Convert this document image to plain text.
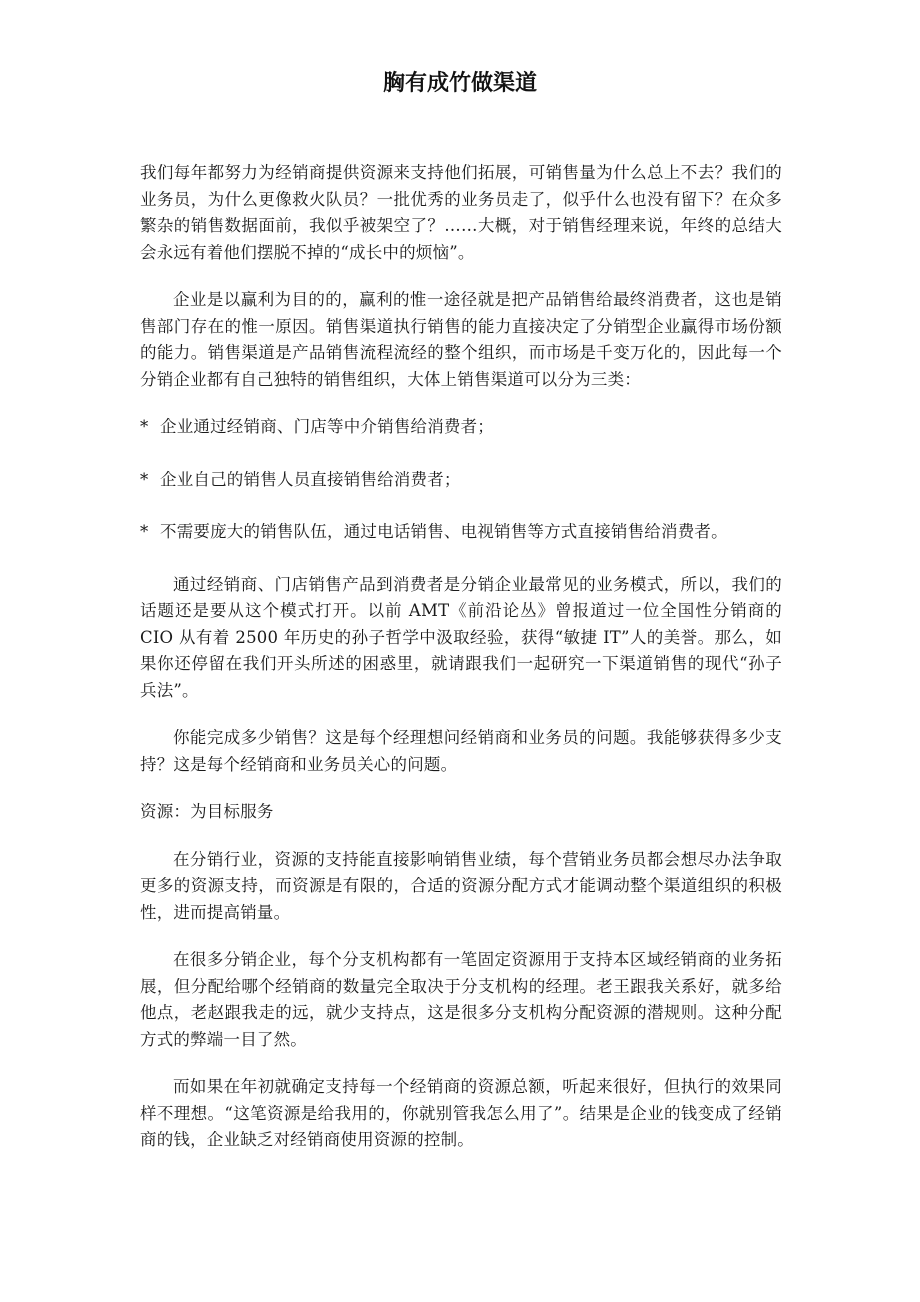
胸有成竹做渠道

我们每年都努力为经销商提供资源来支持他们拓展，可销售量为什么总上不去？我们的业务员，为什么更像救火队员？一批优秀的业务员走了，似乎什么也没有留下？在众多繁杂的销售数据面前，我似乎被架空了？……大概，对于销售经理来说，年终的总结大会永远有着他们摆脱不掉的“成长中的烦恼”。

企业是以赢利为目的的，赢利的惟一途径就是把产品销售给最终消费者，这也是销售部门存在的惟一原因。销售渠道执行销售的能力直接决定了分销型企业赢得市场份额的能力。销售渠道是产品销售流程流经的整个组织，而市场是千变万化的，因此每一个分销企业都有自己独特的销售组织，大体上销售渠道可以分为三类：

* 企业通过经销商、门店等中介销售给消费者；
* 企业自己的销售人员直接销售给消费者；
* 不需要庞大的销售队伍，通过电话销售、电视销售等方式直接销售给消费者。

通过经销商、门店销售产品到消费者是分销企业最常见的业务模式，所以，我们的话题还是要从这个模式打开。以前 AMT《前沿论丛》曾报道过一位全国性分销商的 CIO 从有着 2500 年历史的孙子哲学中汲取经验，获得“敏捷 IT”人的美誉。那么，如果你还停留在我们开头所述的困惑里，就请跟我们一起研究一下渠道销售的现代“孙子兵法”。

你能完成多少销售？这是每个经理想问经销商和业务员的问题。我能够获得多少支持？这是每个经销商和业务员关心的问题。

资源：为目标服务

在分销行业，资源的支持能直接影响销售业绩，每个营销业务员都会想尽办法争取更多的资源支持，而资源是有限的，合适的资源分配方式才能调动整个渠道组织的积极性，进而提高销量。

在很多分销企业，每个分支机构都有一笔固定资源用于支持本区域经销商的业务拓展，但分配给哪个经销商的数量完全取决于分支机构的经理。老王跟我关系好，就多给他点，老赵跟我走的远，就少支持点，这是很多分支机构分配资源的潜规则。这种分配方式的弊端一目了然。

而如果在年初就确定支持每一个经销商的资源总额，听起来很好，但执行的效果同样不理想。“这笔资源是给我用的，你就别管我怎么用了”。结果是企业的钱变成了经销商的钱，企业缺乏对经销商使用资源的控制。
